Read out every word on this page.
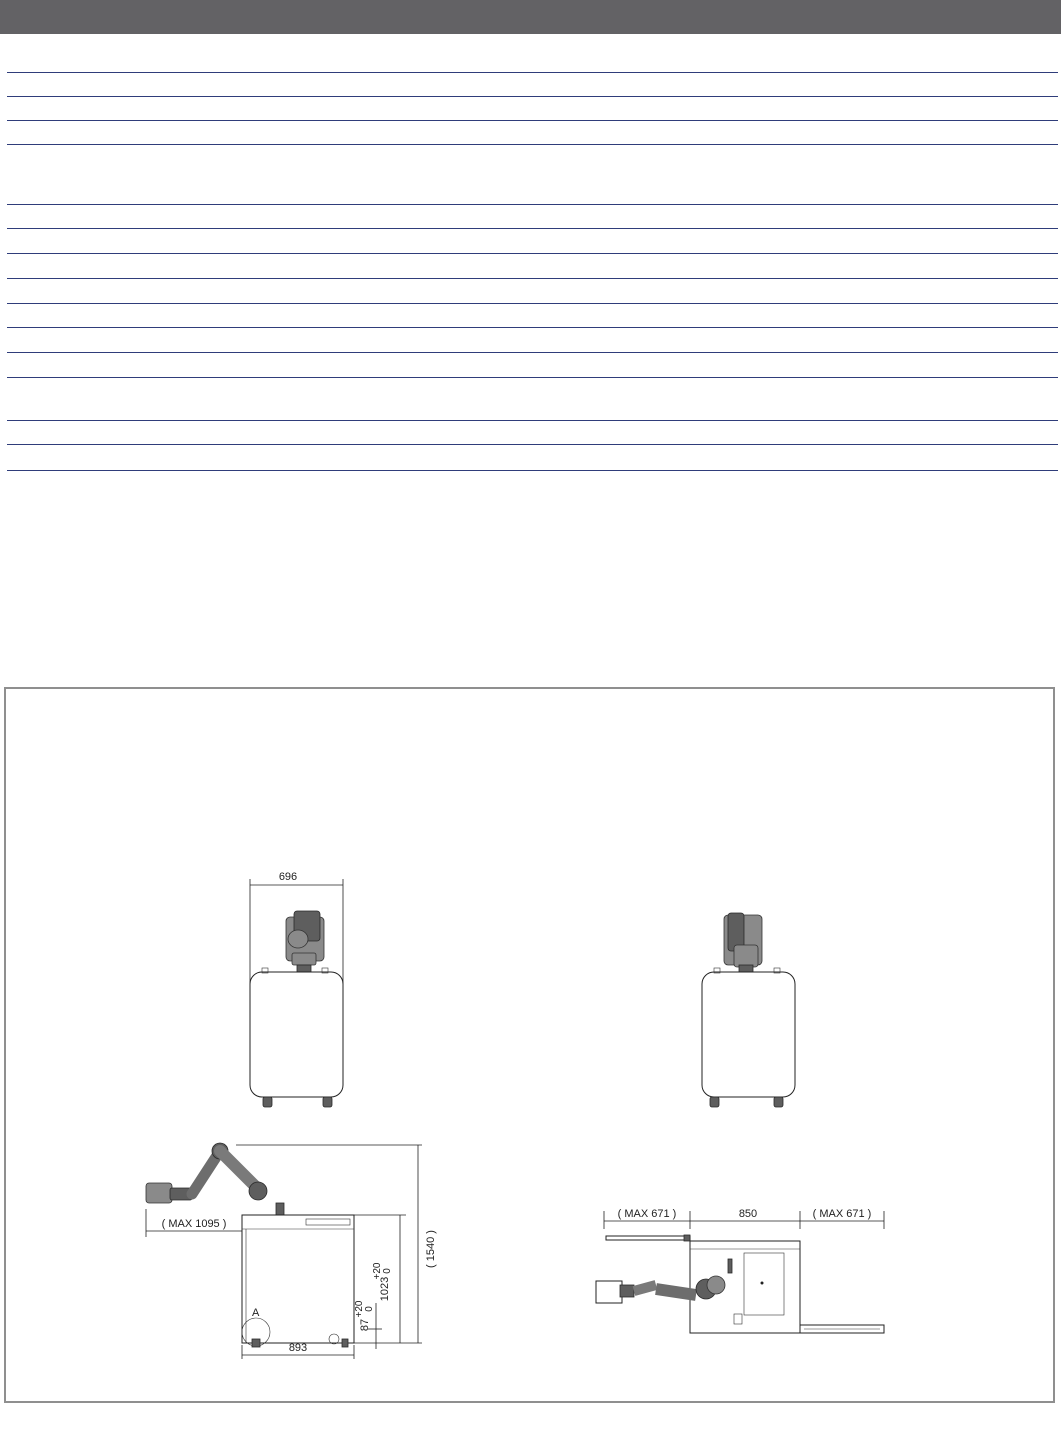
696
A
( MAX 1095 )
893
( 1540 )
1023
+20 0
87
+20 0
( MAX 671 )	850	( MAX 671 )
